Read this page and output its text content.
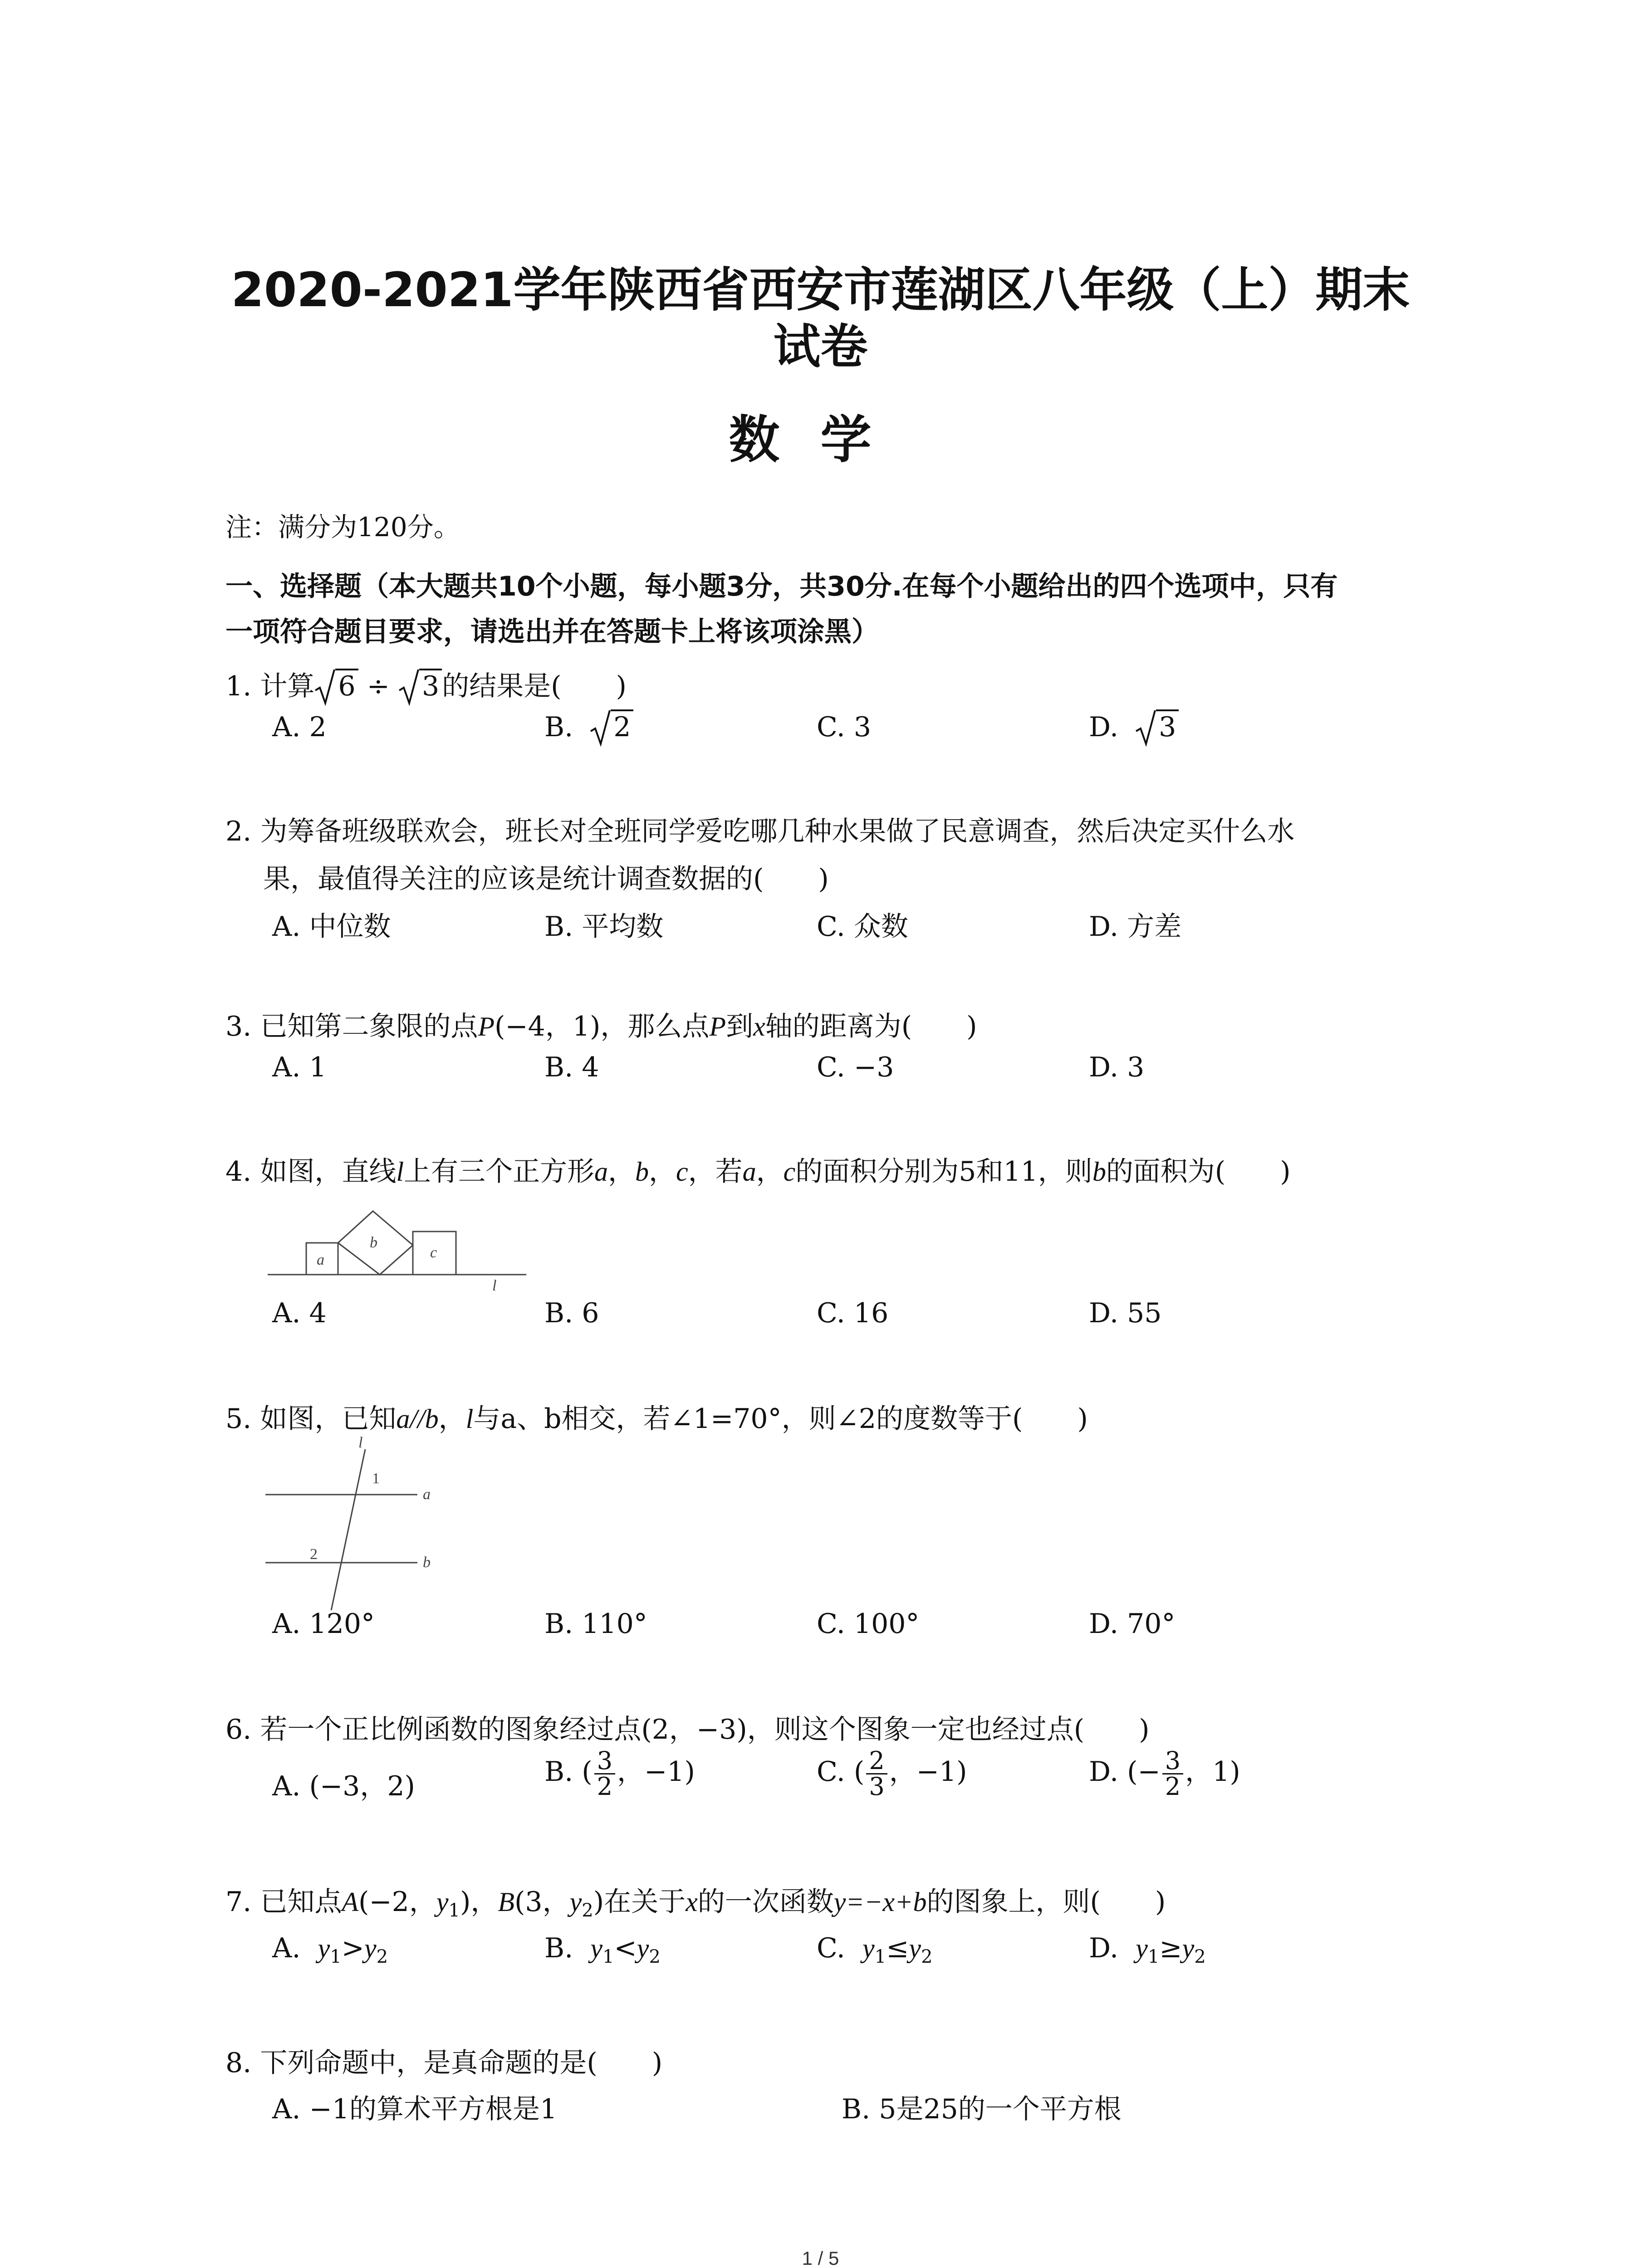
2020-2021学年陕西省西安市莲湖区八年级（上）期末
试卷
数学
注：满分为120分。
一、选择题（本大题共10个小题，每小题3分，共30分.在每个小题给出的四个选项中，只有
一项符合题目要求，请选出并在答题卡上将该项涂黑）
1. 计算 6 ÷ 3 的结果是(　　)
A. 2	B. 2	C. 3	D. 3
2. 为筹备班级联欢会，班长对全班同学爱吃哪几种水果做了民意调查，然后决定买什么水
果，最值得关注的应该是统计调查数据的(　　)
A. 中位数	B. 平均数	C. 众数	D. 方差
3. 已知第二象限的点P(−4，1)，那么点P到x轴的距离为(　　)
A. 1	B. 4	C. −3	D. 3
4. 如图，直线l上有三个正方形a，b，c，若a，c的面积分别为5和11，则b的面积为(　　)
a
b
c
l
A. 4	B. 6	C. 16	D. 55
5. 如图，已知a//b，l与a、b相交，若∠1=70°，则∠2的度数等于(　　)
l
1
2
a
b
A. 120°	B. 110°	C. 100°	D. 70°
6. 若一个正比例函数的图象经过点(2，−3)，则这个图象一定也经过点(　　)
A. (−3，2)	B. ( $\frac{3}{2}$ ，−1)	C. ( $\frac{2}{3}$ ，−1)	D. (− $\frac{3}{2}$ ，1)
7. 已知点A(−2，$y_1$)，B(3，$y_2$)在关于x的一次函数y=−x+b的图象上，则(　　)
A. $y_1>y_2$	B. $y_1<y_2$	C. $y_1\le y_2$	D. $y_1\ge y_2$
8. 下列命题中，是真命题的是(　　)
A. −1的算术平方根是1	B. 5是25的一个平方根
1 / 5
